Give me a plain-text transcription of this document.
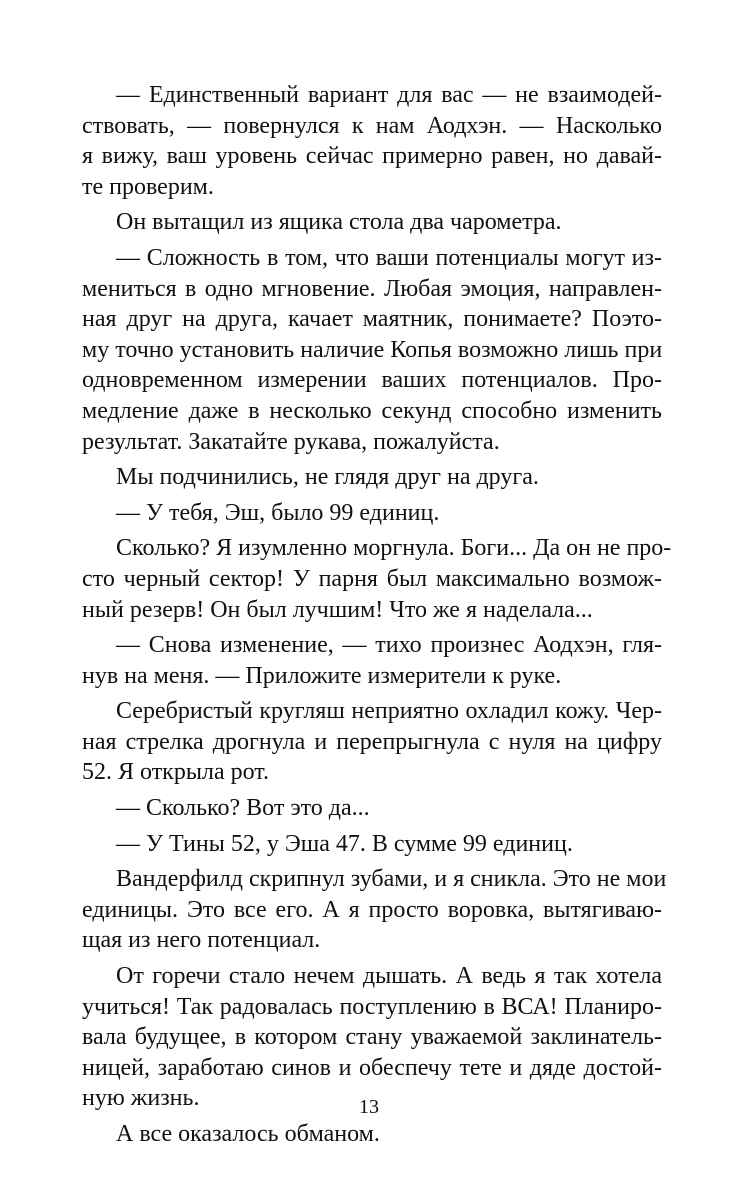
— Единственный вариант для вас — не взаимодей-
ствовать, — повернулся к нам Аодхэн. — Насколько
я вижу, ваш уровень сейчас примерно равен, но давай-
те проверим.
Он вытащил из ящика стола два чарометра.
— Сложность в том, что ваши потенциалы могут из-
мениться в одно мгновение. Любая эмоция, направлен-
ная друг на друга, качает маятник, понимаете? Поэто-
му точно установить наличие Копья возможно лишь при
одновременном измерении ваших потенциалов. Про-
медление даже в несколько секунд способно изменить
результат. Закатайте рукава, пожалуйста.
Мы подчинились, не глядя друг на друга.
— У тебя, Эш, было 99 единиц.
Сколько? Я изумленно моргнула. Боги... Да он не про-
сто черный сектор! У парня был максимально возмож-
ный резерв! Он был лучшим! Что же я наделала...
— Снова изменение, — тихо произнес Аодхэн, гля-
нув на меня. — Приложите измерители к руке.
Серебристый кругляш неприятно охладил кожу. Чер-
ная стрелка дрогнула и перепрыгнула с нуля на цифру
52. Я открыла рот.
— Сколько? Вот это да...
— У Тины 52, у Эша 47. В сумме 99 единиц.
Вандерфилд скрипнул зубами, и я сникла. Это не мои
единицы. Это все его. А я просто воровка, вытягиваю-
щая из него потенциал.
От горечи стало нечем дышать. А ведь я так хотела
учиться! Так радовалась поступлению в ВСА! Планиро-
вала будущее, в котором стану уважаемой заклинатель-
ницей, заработаю синов и обеспечу тете и дяде достой-
ную жизнь.
А все оказалось обманом.
13
